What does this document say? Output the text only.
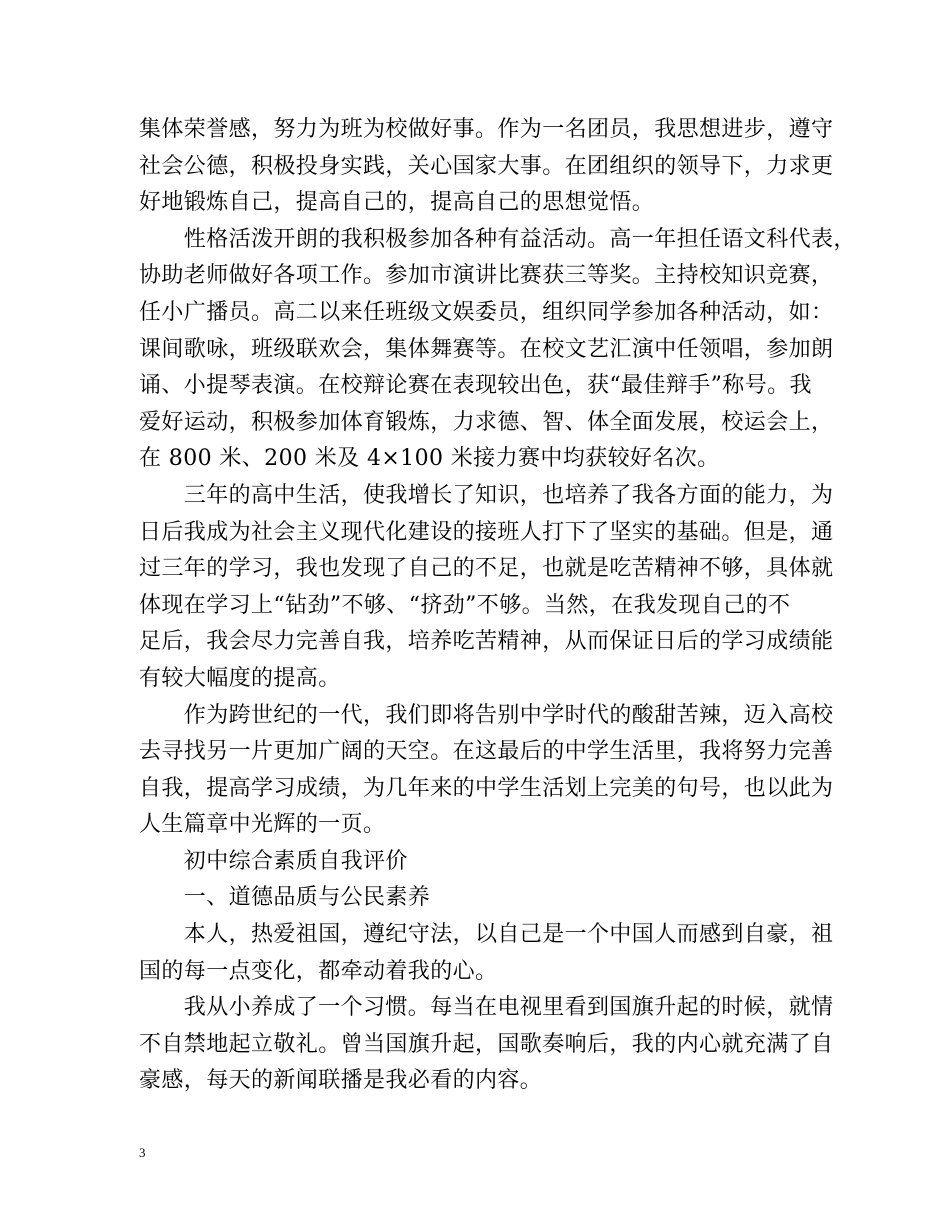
集体荣誉感，努力为班为校做好事。作为一名团员，我思想进步，遵守
社会公德，积极投身实践，关心国家大事。在团组织的领导下，力求更
好地锻炼自己，提高自己的，提高自己的思想觉悟。
　　性格活泼开朗的我积极参加各种有益活动。高一年担任语文科代表，
协助老师做好各项工作。参加市演讲比赛获三等奖。主持校知识竞赛，
任小广播员。高二以来任班级文娱委员，组织同学参加各种活动，如：
课间歌咏，班级联欢会，集体舞赛等。在校文艺汇演中任领唱，参加朗
诵、小提琴表演。在校辩论赛在表现较出色，获“最佳辩手”称号。我
爱好运动，积极参加体育锻炼，力求德、智、体全面发展，校运会上，
在 800 米、200 米及 4×100 米接力赛中均获较好名次。
　　三年的高中生活，使我增长了知识，也培养了我各方面的能力，为
日后我成为社会主义现代化建设的接班人打下了坚实的基础。但是，通
过三年的学习，我也发现了自己的不足，也就是吃苦精神不够，具体就
体现在学习上“钻劲”不够、“挤劲”不够。当然，在我发现自己的不
足后，我会尽力完善自我，培养吃苦精神，从而保证日后的学习成绩能
有较大幅度的提高。
　　作为跨世纪的一代，我们即将告别中学时代的酸甜苦辣，迈入高校
去寻找另一片更加广阔的天空。在这最后的中学生活里，我将努力完善
自我，提高学习成绩，为几年来的中学生活划上完美的句号，也以此为
人生篇章中光辉的一页。
　　初中综合素质自我评价
　　一、道德品质与公民素养
　　本人，热爱祖国，遵纪守法，以自己是一个中国人而感到自豪，祖
国的每一点变化，都牵动着我的心。
　　我从小养成了一个习惯。每当在电视里看到国旗升起的时候，就情
不自禁地起立敬礼。曾当国旗升起，国歌奏响后，我的内心就充满了自
豪感，每天的新闻联播是我必看的内容。
3
